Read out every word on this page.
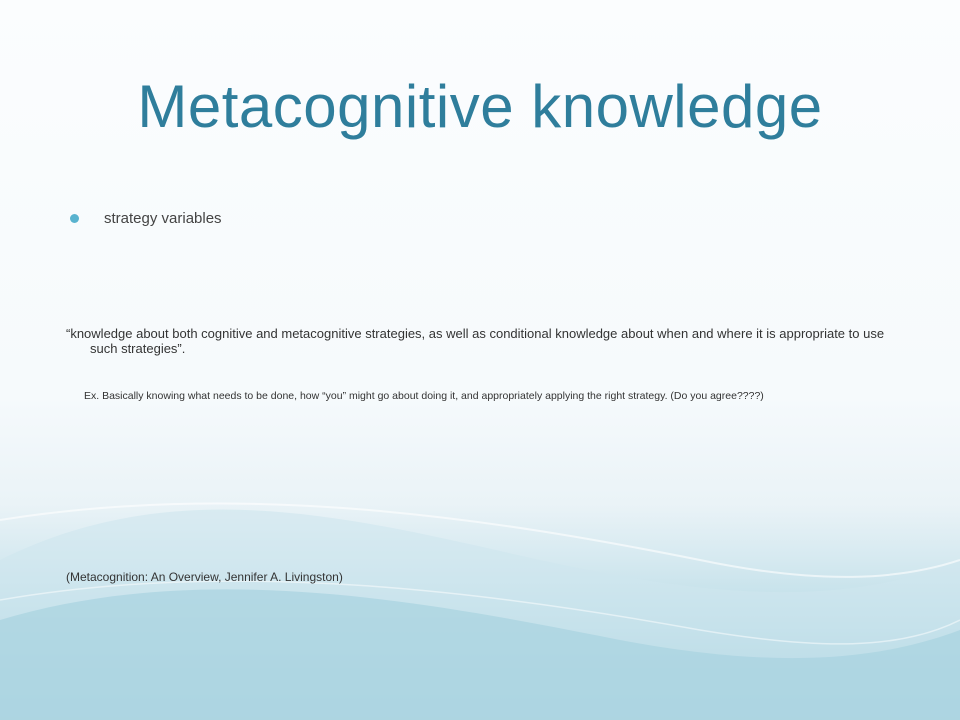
Metacognitive knowledge
strategy variables

“knowledge about both cognitive and metacognitive strategies, as well as conditional knowledge about when and where it is appropriate to use such strategies”.

Ex. Basically knowing what needs to be done, how “you” might go about doing it, and appropriately applying the right strategy. (Do you agree????)

(Metacognition: An Overview, Jennifer A. Livingston)
